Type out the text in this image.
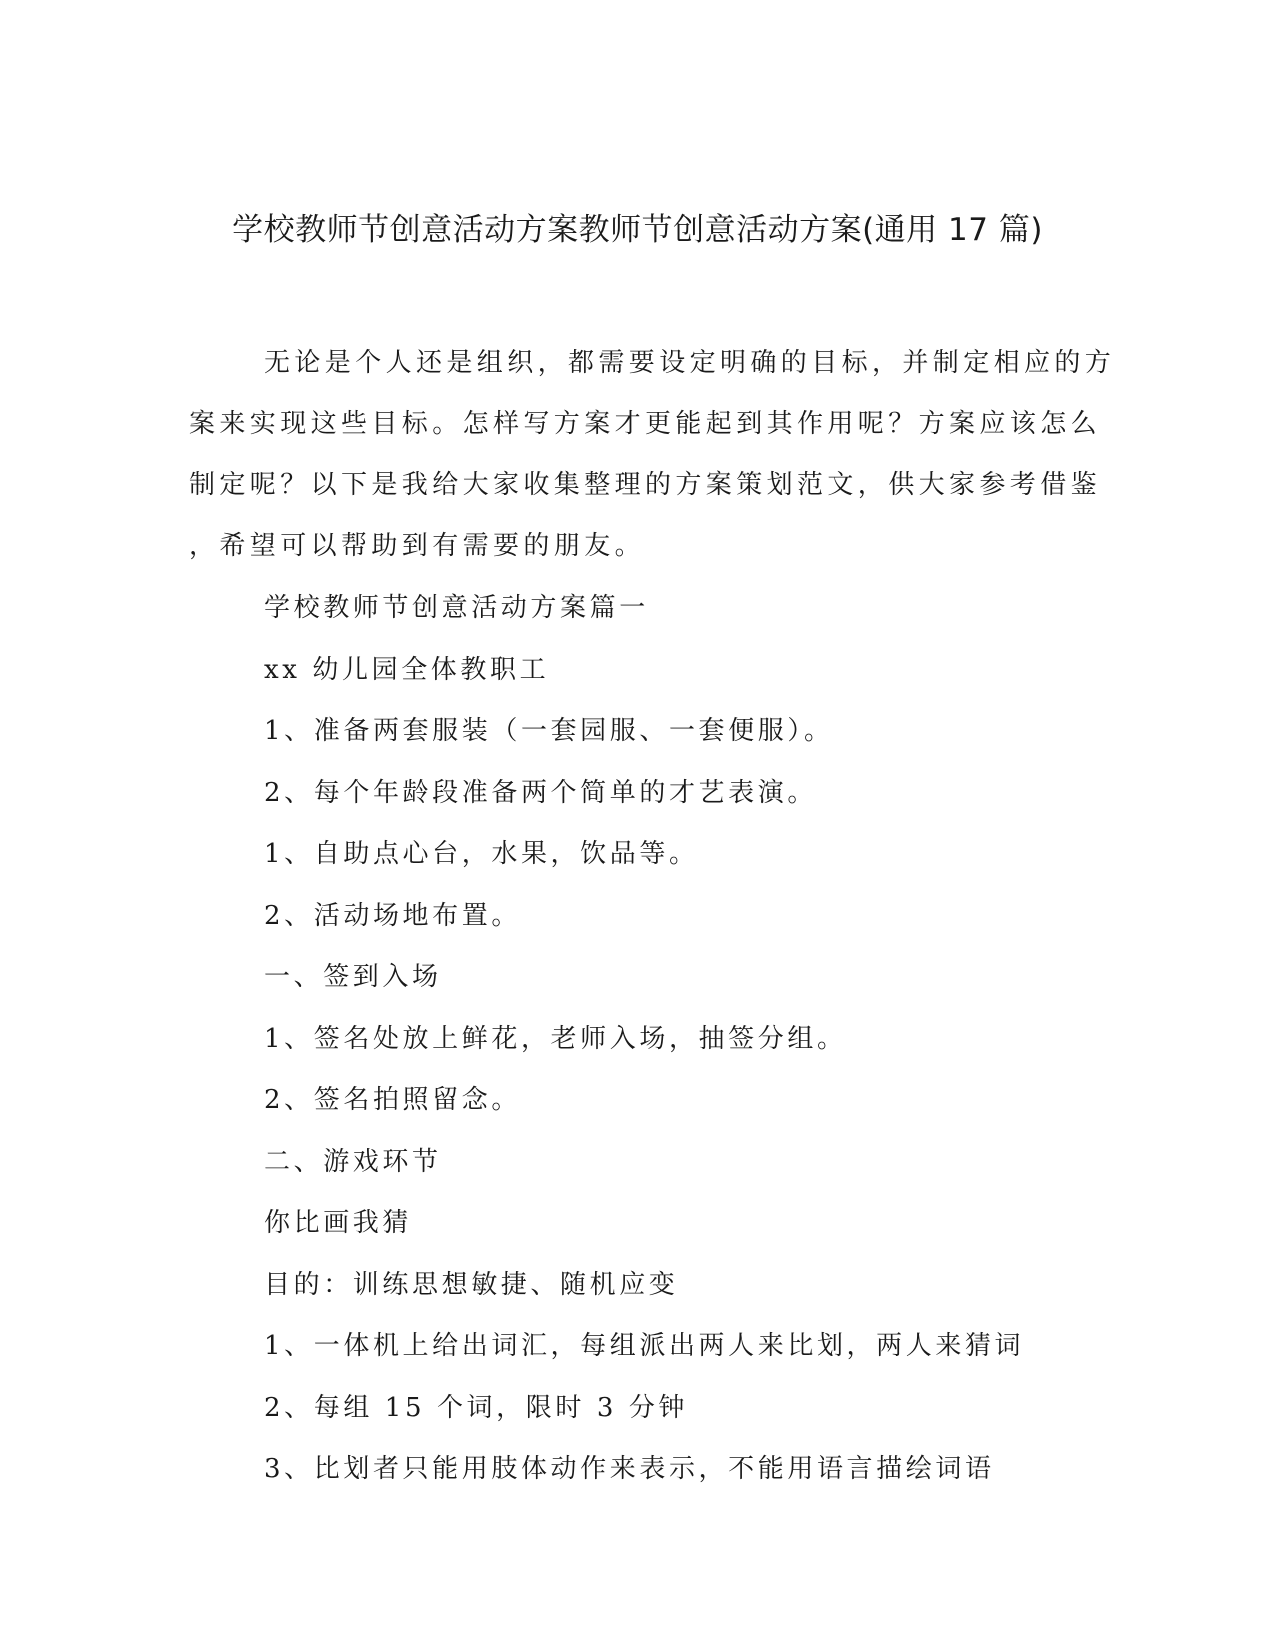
学校教师节创意活动方案教师节创意活动方案(通用 17 篇)

无论是个人还是组织，都需要设定明确的目标，并制定相应的方
案来实现这些目标。怎样写方案才更能起到其作用呢？方案应该怎么
制定呢？以下是我给大家收集整理的方案策划范文，供大家参考借鉴
，希望可以帮助到有需要的朋友。

学校教师节创意活动方案篇一
xx 幼儿园全体教职工
1、准备两套服装（一套园服、一套便服）。
2、每个年龄段准备两个简单的才艺表演。
1、自助点心台，水果，饮品等。
2、活动场地布置。
一、签到入场
1、签名处放上鲜花，老师入场，抽签分组。
2、签名拍照留念。
二、游戏环节
你比画我猜
目的：训练思想敏捷、随机应变
1、一体机上给出词汇，每组派出两人来比划，两人来猜词
2、每组 15 个词，限时 3 分钟
3、比划者只能用肢体动作来表示，不能用语言描绘词语
